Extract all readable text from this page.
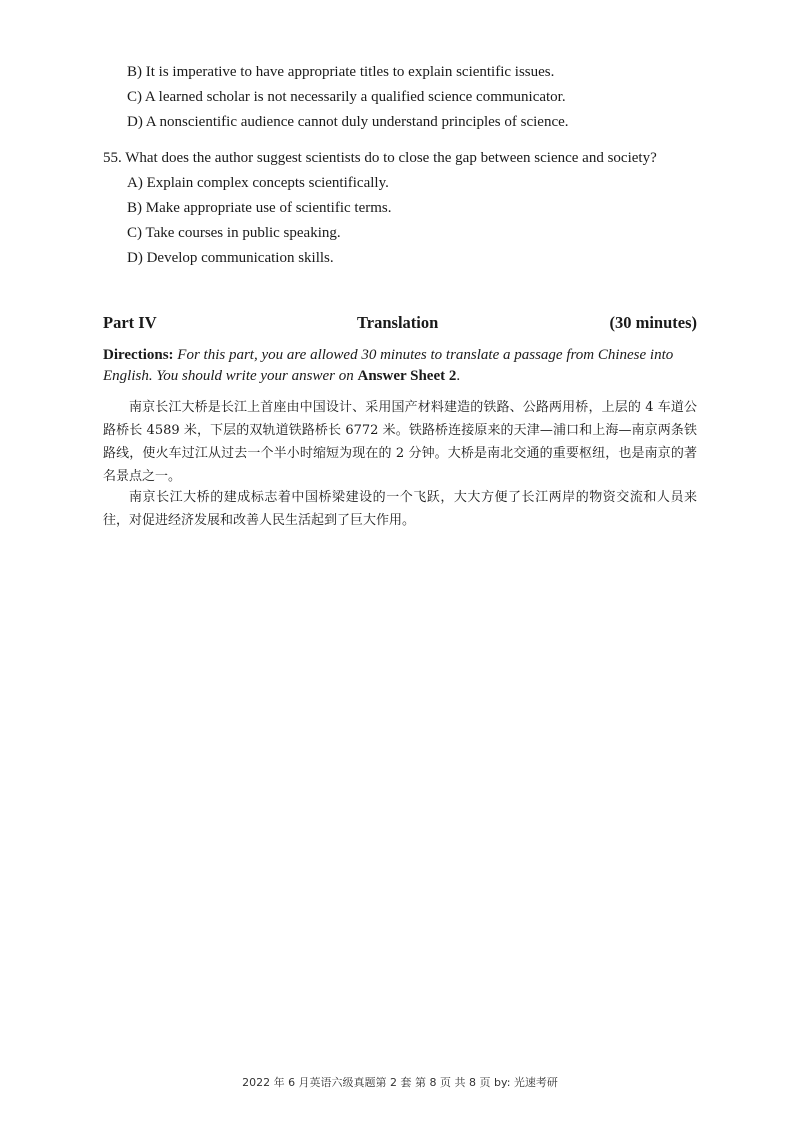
B) It is imperative to have appropriate titles to explain scientific issues.
C) A learned scholar is not necessarily a qualified science communicator.
D) A nonscientific audience cannot duly understand principles of science.
55. What does the author suggest scientists do to close the gap between science and society?
A) Explain complex concepts scientifically.
B) Make appropriate use of scientific terms.
C) Take courses in public speaking.
D) Develop communication skills.
Part IV	Translation	(30 minutes)
Directions: For this part, you are allowed 30 minutes to translate a passage from Chinese into English. You should write your answer on Answer Sheet 2.
南京长江大桥是长江上首座由中国设计、采用国产材料建造的铁路、公路两用桥，上层的 4 车道公路桥长 4589 米，下层的双轨道铁路桥长 6772 米。铁路桥连接原来的天津—浦口和上海—南京两条铁路线，使火车过江从过去一个半小时缩短为现在的 2 分钟。大桥是南北交通的重要枢纽，也是南京的著名景点之一。
南京长江大桥的建成标志着中国桥梁建设的一个飞跃，大大方便了长江两岸的物资交流和人员来往，对促进经济发展和改善人民生活起到了巨大作用。
2022 年 6 月英语六级真题第 2 套 第 8 页 共 8 页 by: 光速考研
